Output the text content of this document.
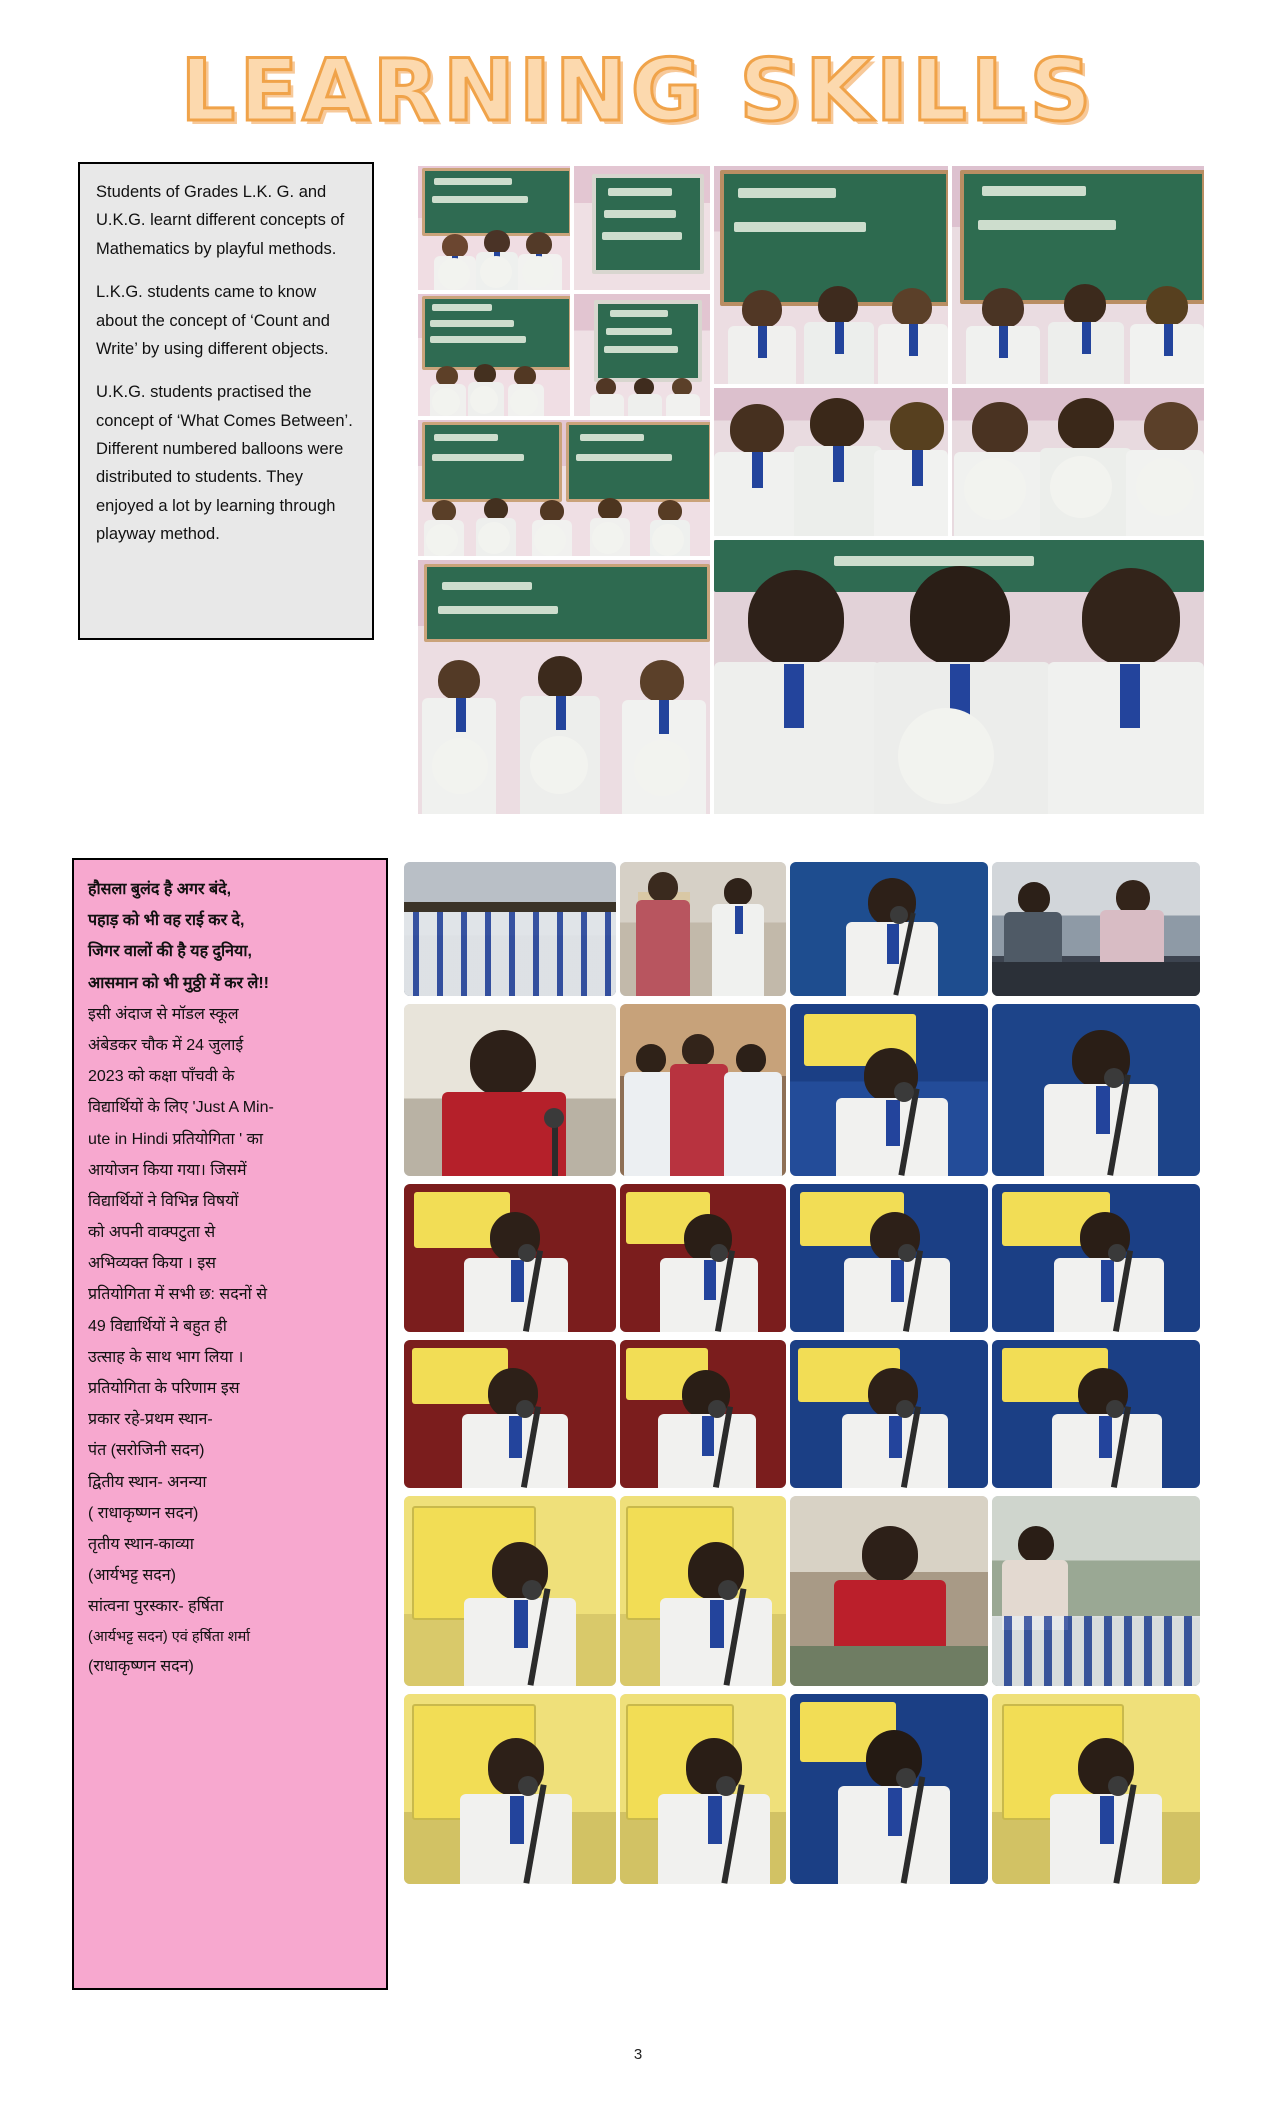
LEARNING SKILLS

Students of Grades L.K. G. and U.K.G. learnt different concepts of Mathematics by playful methods.

L.K.G. students came to know about the concept of ‘Count and Write’ by using different objects.

U.K.G. students practised the concept of ‘What Comes Between’. Different numbered balloons were distributed to students. They enjoyed a lot by learning through playway method.

हौसला बुलंद है अगर बंदे,
पहाड़ को भी वह राई कर दे,
जिगर वालों की है यह दुनिया,
आसमान को भी मुठ्ठी में कर ले!!
इसी अंदाज से मॉडल स्कूल
अंबेडकर चौक में 24 जुलाई
2023 को कक्षा पाँचवी के
विद्यार्थियों के लिए 'Just A Min-
ute in Hindi प्रतियोगिता ' का
आयोजन किया गया। जिसमें
विद्यार्थियों ने विभिन्न विषयों
को अपनी वाक्पटुता से
अभिव्यक्त किया । इस
प्रतियोगिता में सभी छ: सदनों से
49 विद्यार्थियों ने बहुत ही
उत्साह के साथ भाग लिया ।
प्रतियोगिता के परिणाम इस
प्रकार रहे-प्रथम स्थान-
पंत (सरोजिनी सदन)
द्वितीय स्थान- अनन्या
( राधाकृष्णन सदन)
तृतीय स्थान-काव्या
(आर्यभट्ट सदन)
सांत्वना पुरस्कार- हर्षिता
(आर्यभट्ट सदन) एवं हर्षिता शर्मा
(राधाकृष्णन सदन)
3
